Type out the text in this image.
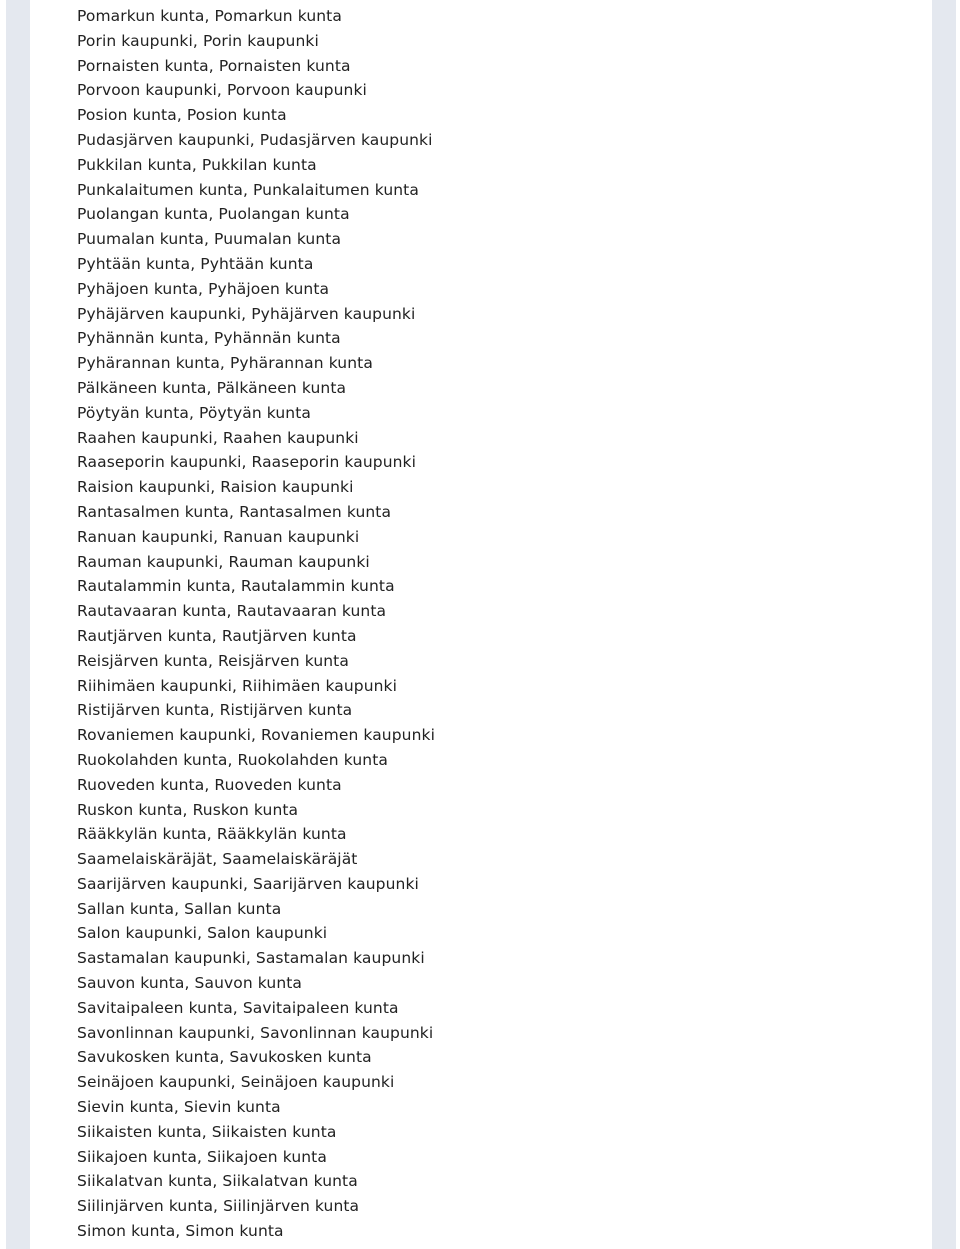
Pomarkun kunta, Pomarkun kunta
Porin kaupunki, Porin kaupunki
Pornaisten kunta, Pornaisten kunta
Porvoon kaupunki, Porvoon kaupunki
Posion kunta, Posion kunta
Pudasjärven kaupunki, Pudasjärven kaupunki
Pukkilan kunta, Pukkilan kunta
Punkalaitumen kunta, Punkalaitumen kunta
Puolangan kunta, Puolangan kunta
Puumalan kunta, Puumalan kunta
Pyhtään kunta, Pyhtään kunta
Pyhäjoen kunta, Pyhäjoen kunta
Pyhäjärven kaupunki, Pyhäjärven kaupunki
Pyhännän kunta, Pyhännän kunta
Pyhärannan kunta, Pyhärannan kunta
Pälkäneen kunta, Pälkäneen kunta
Pöytyän kunta, Pöytyän kunta
Raahen kaupunki, Raahen kaupunki
Raaseporin kaupunki, Raaseporin kaupunki
Raision kaupunki, Raision kaupunki
Rantasalmen kunta, Rantasalmen kunta
Ranuan kaupunki, Ranuan kaupunki
Rauman kaupunki, Rauman kaupunki
Rautalammin kunta, Rautalammin kunta
Rautavaaran kunta, Rautavaaran kunta
Rautjärven kunta, Rautjärven kunta
Reisjärven kunta, Reisjärven kunta
Riihimäen kaupunki, Riihimäen kaupunki
Ristijärven kunta, Ristijärven kunta
Rovaniemen kaupunki, Rovaniemen kaupunki
Ruokolahden kunta, Ruokolahden kunta
Ruoveden kunta, Ruoveden kunta
Ruskon kunta, Ruskon kunta
Rääkkylän kunta, Rääkkylän kunta
Saamelaiskäräjät, Saamelaiskäräjät
Saarijärven kaupunki, Saarijärven kaupunki
Sallan kunta, Sallan kunta
Salon kaupunki, Salon kaupunki
Sastamalan kaupunki, Sastamalan kaupunki
Sauvon kunta, Sauvon kunta
Savitaipaleen kunta, Savitaipaleen kunta
Savonlinnan kaupunki, Savonlinnan kaupunki
Savukosken kunta, Savukosken kunta
Seinäjoen kaupunki, Seinäjoen kaupunki
Sievin kunta, Sievin kunta
Siikaisten kunta, Siikaisten kunta
Siikajoen kunta, Siikajoen kunta
Siikalatvan kunta, Siikalatvan kunta
Siilinjärven kunta, Siilinjärven kunta
Simon kunta, Simon kunta
